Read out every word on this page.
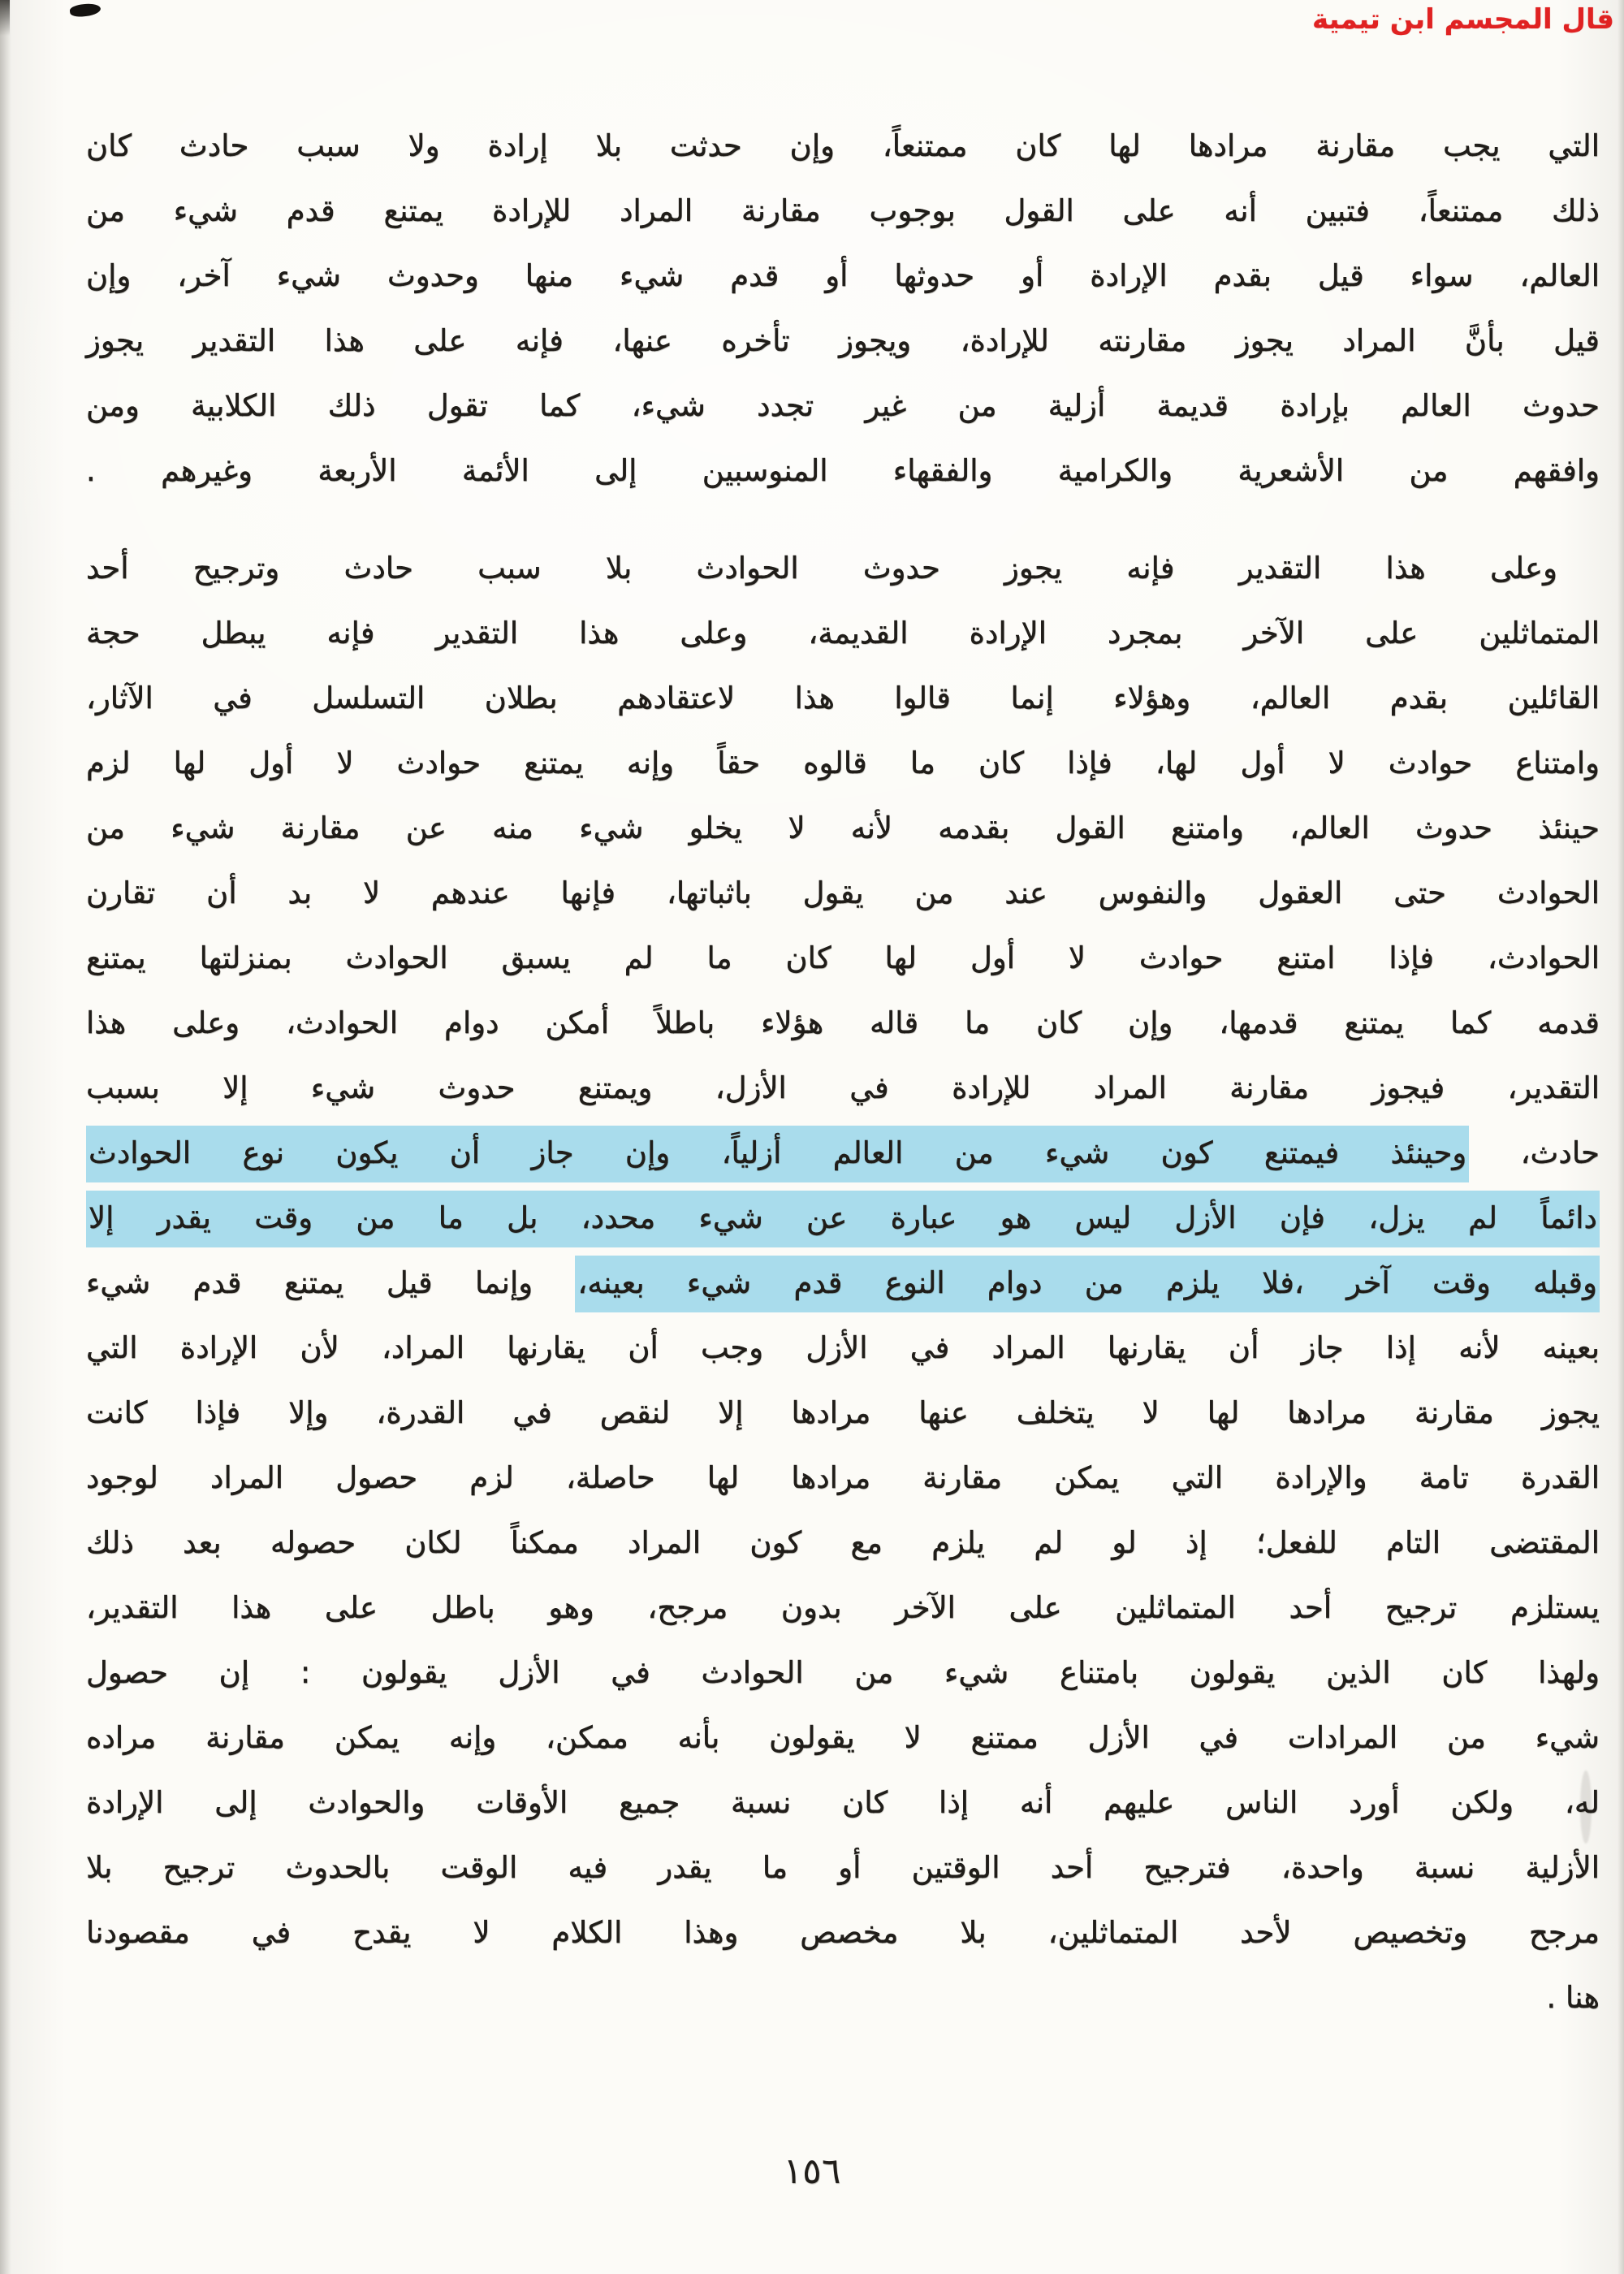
قال المجسم ابن تيمية
التي يجب مقارنة مرادها لها كان ممتنعاً، وإن حدثت بلا إرادة ولا سبب حادث كان
ذلك ممتنعاً، فتبين أنه على القول بوجوب مقارنة المراد للإرادة يمتنع قدم شيء من
العالم، سواء قيل بقدم الإرادة أو حدوثها أو قدم شيء منها وحدوث شيء آخر، وإن
قيل بأنَّ المراد يجوز مقارنته للإرادة، ويجوز تأخره عنها، فإنه على هذا التقدير يجوز
حدوث العالم بإرادة قديمة أزلية من غير تجدد شيء، كما تقول ذلك الكلابية ومن
وافقهم من الأشعرية والكرامية والفقهاء المنوسبين إلى الأئمة الأربعة وغيرهم .
وعلى هذا التقدير فإنه يجوز حدوث الحوادث بلا سبب حادث وترجيح أحد
المتماثلين على الآخر بمجرد الإرادة القديمة، وعلى هذا التقدير فإنه يبطل حجة
القائلين بقدم العالم، وهؤلاء إنما قالوا هذا لاعتقادهم بطلان التسلسل في الآثار،
وامتناع حوادث لا أول لها، فإذا كان ما قالوه حقاً وإنه يمتنع حوادث لا أول لها لزم
حينئذ حدوث العالم، وامتنع القول بقدمه لأنه لا يخلو شيء منه عن مقارنة شيء من
الحوادث حتى العقول والنفوس عند من يقول باثباتها، فإنها عندهم لا بد أن تقارن
الحوادث، فإذا امتنع حوادث لا أول لها كان ما لم يسبق الحوادث بمنزلتها يمتنع
قدمه كما يمتنع قدمها، وإن كان ما قاله هؤلاء باطلاً أمكن دوام الحوادث، وعلى هذا
التقدير، فيجوز مقارنة المراد للإرادة في الأزل، ويمتنع حدوث شيء إلا بسبب
حادث، وحينئذ فيمتنع كون شيء من العالم أزلياً، وإن جاز أن يكون نوع الحوادث
دائماً لم يزل، فإن الأزل ليس هو عبارة عن شيء محدد، بل ما من وقت يقدر إلا
وقبله وقت آخر ،فلا يلزم من دوام النوع قدم شيء بعينه، وإنما قيل يمتنع قدم شيء
بعينه لأنه إذا جاز أن يقارنها المراد في الأزل وجب أن يقارنها المراد، لأن الإرادة التي
يجوز مقارنة مرادها لها لا يتخلف عنها مرادها إلا لنقص في القدرة، وإلا فإذا كانت
القدرة تامة والإرادة التي يمكن مقارنة مرادها لها حاصلة، لزم حصول المراد لوجود
المقتضى التام للفعل؛ إذ لو لم يلزم مع كون المراد ممكناً لكان حصوله بعد ذلك
يستلزم ترجيح أحد المتماثلين على الآخر بدون مرجح، وهو باطل على هذا التقدير،
ولهذا كان الذين يقولون بامتناع شيء من الحوادث في الأزل يقولون : إن حصول
شيء من المرادات في الأزل ممتنع لا يقولون بأنه ممكن، وإنه يمكن مقارنة مراده
له، ولكن أورد الناس عليهم أنه إذا كان نسبة جميع الأوقات والحوادث إلى الإرادة
الأزلية نسبة واحدة، فترجيح أحد الوقتين أو ما يقدر فيه الوقت بالحدوث ترجيح بلا
مرجح وتخصيص لأحد المتماثلين، بلا مخصص وهذا الكلام لا يقدح في مقصودنا
هنا .
١٥٦
